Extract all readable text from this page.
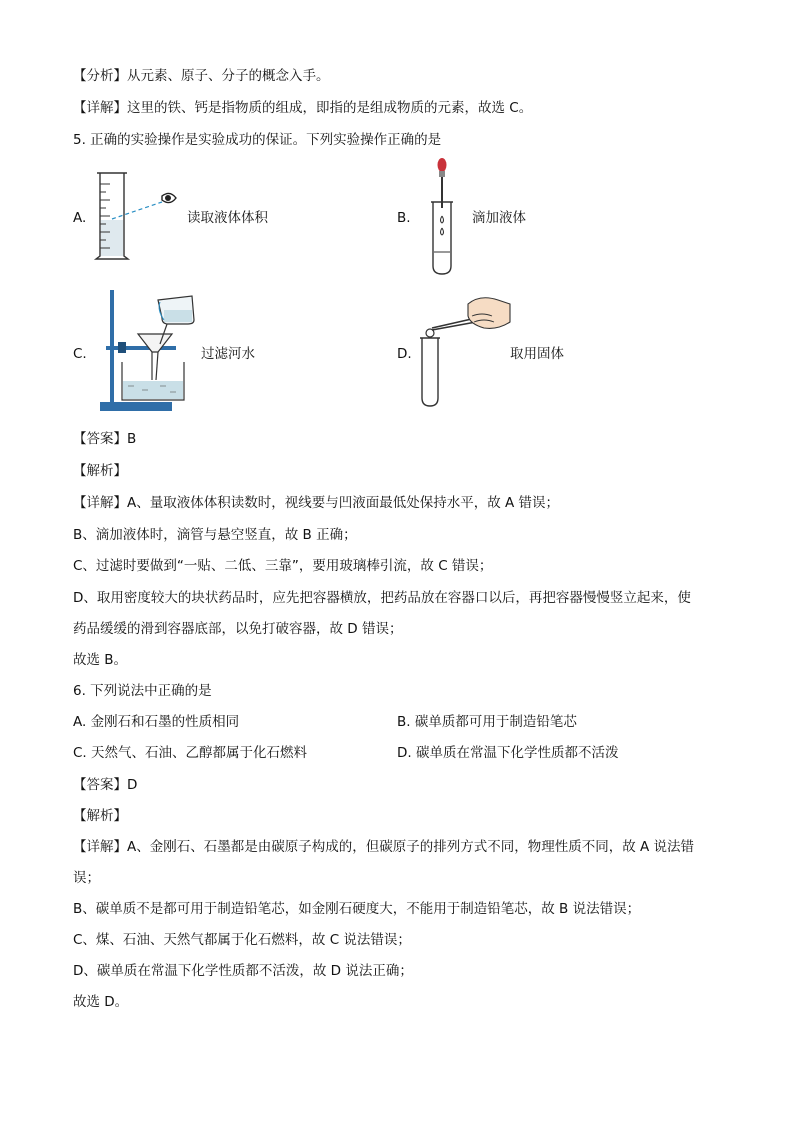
【分析】从元素、原子、分子的概念入手。
【详解】这里的铁、钙是指物质的组成，即指的是组成物质的元素，故选 C。
5. 正确的实验操作是实验成功的保证。下列实验操作正确的是
A.	读取液体体积	B.	滴加液体
C.	过滤河水	D.	取用固体
【答案】B
【解析】
【详解】A、量取液体体积读数时，视线要与凹液面最低处保持水平，故 A 错误；
B、滴加液体时，滴管与悬空竖直，故 B 正确；
C、过滤时要做到“一贴、二低、三靠”，要用玻璃棒引流，故 C 错误；
D、取用密度较大的块状药品时，应先把容器横放，把药品放在容器口以后，再把容器慢慢竖立起来，使
药品缓缓的滑到容器底部，以免打破容器，故 D 错误；
故选 B。
6. 下列说法中正确的是
A. 金刚石和石墨的性质相同	B. 碳单质都可用于制造铅笔芯
C. 天然气、石油、乙醇都属于化石燃料	D. 碳单质在常温下化学性质都不活泼
【答案】D
【解析】
【详解】A、金刚石、石墨都是由碳原子构成的，但碳原子的排列方式不同，物理性质不同，故 A 说法错
误；
B、碳单质不是都可用于制造铅笔芯，如金刚石硬度大，不能用于制造铅笔芯，故 B 说法错误；
C、煤、石油、天然气都属于化石燃料，故 C 说法错误；
D、碳单质在常温下化学性质都不活泼，故 D 说法正确；
故选 D。
